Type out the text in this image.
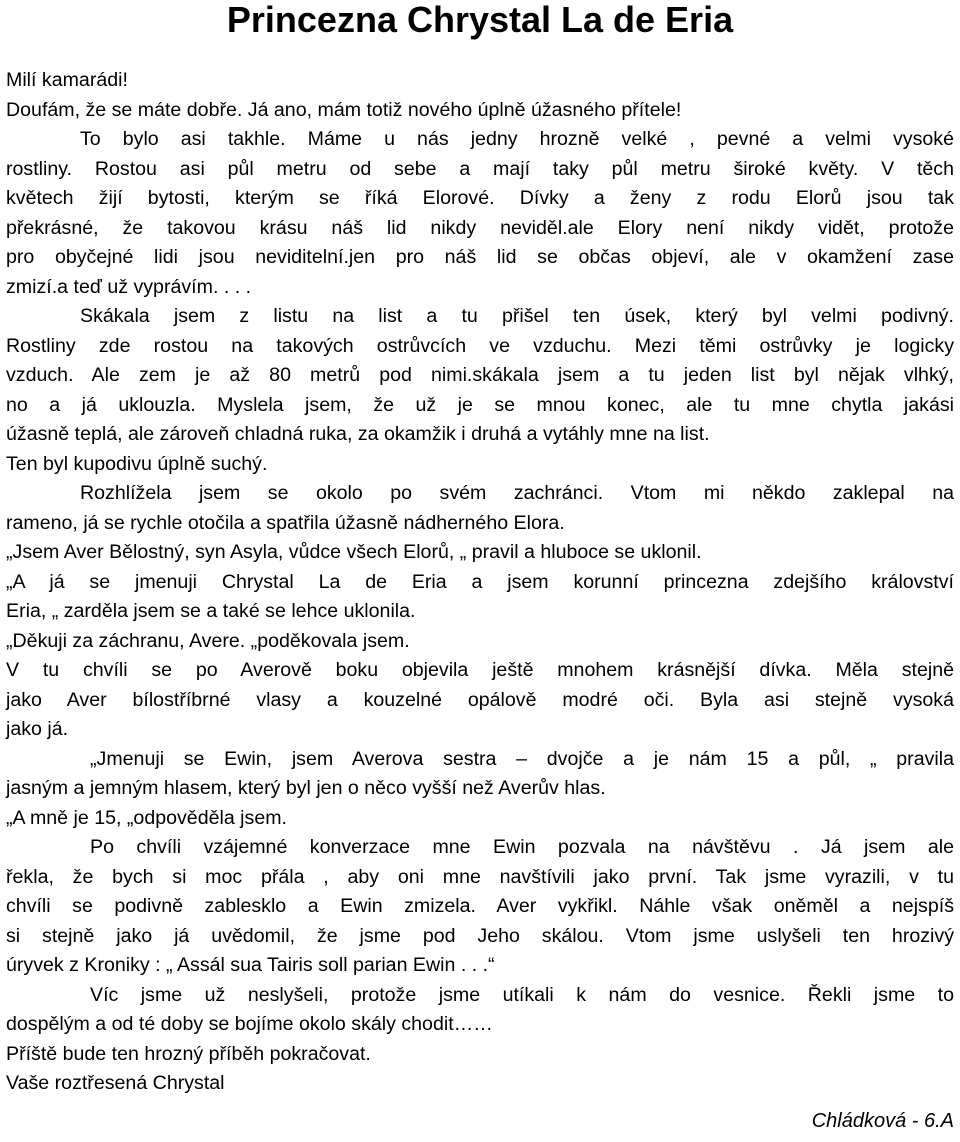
Princezna Chrystal La de Eria

Milí kamarádi!

Doufám, že se máte dobře. Já ano, mám totiž nového úplně úžasného přítele!

To bylo asi takhle. Máme u nás jedny hrozně velké , pevné a velmi vysoké

rostliny. Rostou asi půl metru od sebe a mají taky půl metru široké květy. V těch

květech žijí bytosti, kterým se říká Elorové. Dívky a ženy z rodu Elorů jsou tak

překrásné, že takovou krásu náš lid nikdy neviděl.ale Elory není nikdy vidět, protože

pro obyčejné lidi jsou neviditelní.jen pro náš lid se občas objeví, ale v okamžení zase

zmizí.a teď už vyprávím. . . .

Skákala jsem z listu na list a tu přišel ten úsek, který byl velmi podivný.

Rostliny zde rostou na takových ostrůvcích ve vzduchu. Mezi těmi ostrůvky je logicky

vzduch. Ale zem je až 80 metrů pod nimi.skákala jsem a tu jeden list byl nějak vlhký,

no a já uklouzla. Myslela jsem, že už je se mnou konec, ale tu mne chytla jakási

úžasně teplá, ale zároveň chladná ruka, za okamžik i druhá a vytáhly mne na list.

Ten byl kupodivu úplně suchý.

Rozhlížela jsem se okolo po svém zachránci. Vtom mi někdo zaklepal na

rameno, já se rychle otočila a spatřila úžasně nádherného Elora.

„Jsem Aver Bělostný, syn Asyla, vůdce všech Elorů, „ pravil a hluboce se uklonil.

„A já se jmenuji Chrystal La de Eria a jsem korunní princezna zdejšího království

Eria, „ zarděla jsem se a také se lehce uklonila.

„Děkuji za záchranu, Avere. „poděkovala jsem.

V tu chvíli se po Averově boku objevila ještě mnohem krásnější dívka. Měla stejně

jako Aver bílostříbrné vlasy a kouzelné opálově modré oči. Byla asi stejně vysoká

jako já.

„Jmenuji se Ewin, jsem Averova sestra – dvojče a je nám 15 a půl, „ pravila

jasným a jemným hlasem, který byl jen o něco vyšší než Averův hlas.

„A mně je 15, „odpověděla jsem.

Po chvíli vzájemné konverzace mne Ewin pozvala na návštěvu . Já jsem ale

řekla, že bych si moc přála , aby oni mne navštívili jako první. Tak jsme vyrazili, v tu

chvíli se podivně zablesklo a Ewin zmizela. Aver vykřikl. Náhle však oněměl a nejspíš

si stejně jako já uvědomil, že jsme pod Jeho skálou. Vtom jsme uslyšeli ten hrozivý

úryvek z Kroniky : „ Assál sua Tairis soll parian Ewin . . .“

Víc jsme už neslyšeli, protože jsme utíkali k nám do vesnice. Řekli jsme to

dospělým a od té doby se bojíme okolo skály chodit……

Příště bude ten hrozný příběh pokračovat.

Vaše roztřesená Chrystal

Chládková - 6.A
